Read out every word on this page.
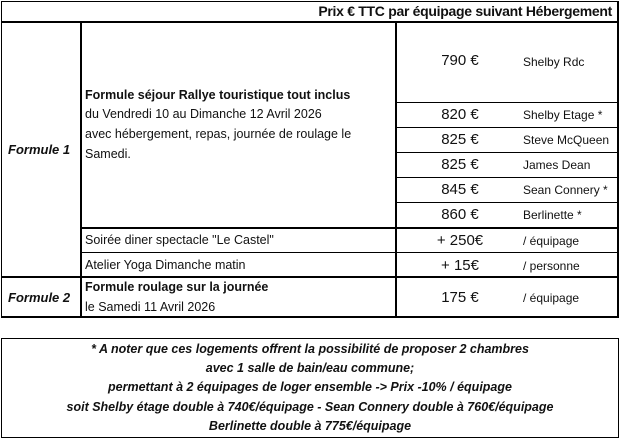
Prix € TTC par équipage suivant Hébergement
Formule 1
Formule séjour Rallye touristique tout inclus
du Vendredi 10 au Dimanche 12 Avril 2026
avec hébergement, repas, journée de roulage le
Samedi.
790 €	Shelby Rdc
820 €	Shelby Etage *
825 €	Steve McQueen
825 €	James Dean
845 €	Sean Connery *
860 €	Berlinette *
Soirée diner spectacle "Le Castel"	+ 250€	/ équipage
Atelier Yoga Dimanche matin	+ 15€	/ personne
Formule 2
Formule roulage sur la journée
le Samedi 11 Avril 2026
175 €	/ équipage
* A noter que ces logements offrent la possibilité de proposer 2 chambres
avec 1 salle de bain/eau commune;
permettant à 2 équipages de loger ensemble -> Prix -10% / équipage
soit Shelby étage double à 740€/équipage - Sean Connery double à 760€/équipage
Berlinette double à 775€/équipage
